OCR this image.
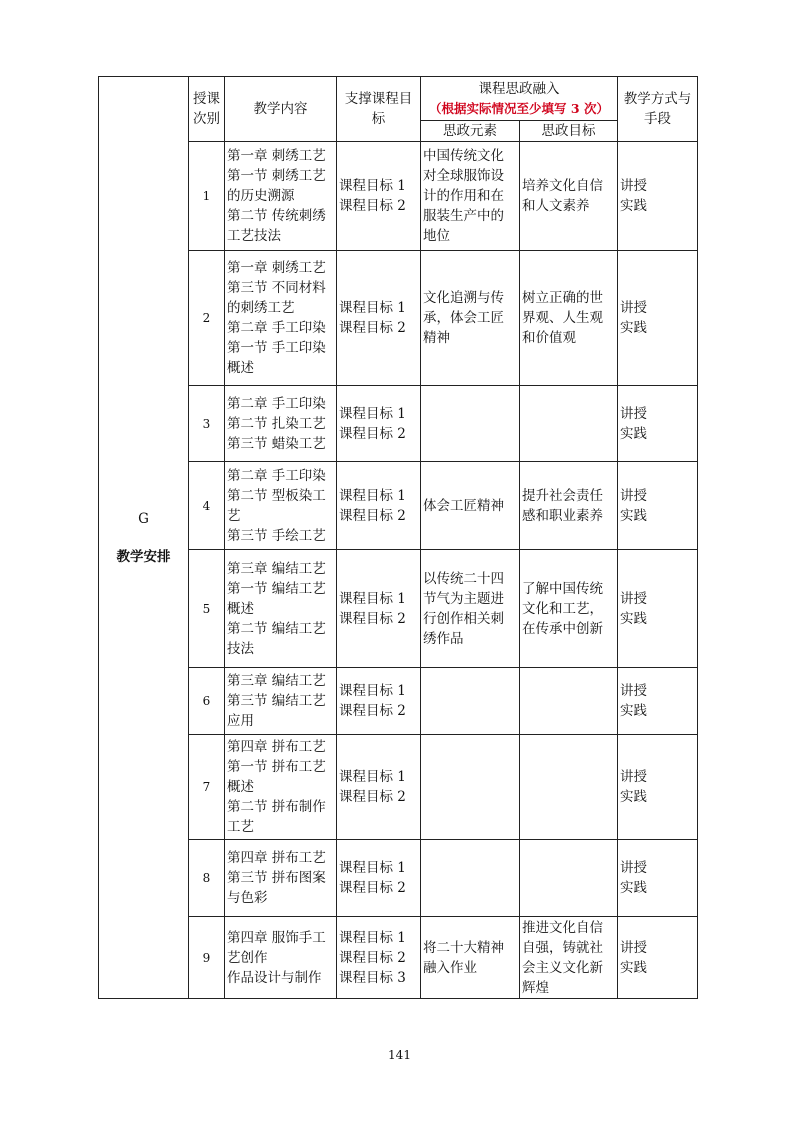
G
教学安排	授课次别	教学内容	支撑课程目标	课程思政融入
（根据实际情况至少填写 3 次）		教学方式与手段
				思政元素	思政目标	
	1	第一章 刺绣工艺
第一节 刺绣工艺的历史溯源
第二节 传统刺绣工艺技法	课程目标 1
课程目标 2	中国传统文化对全球服饰设计的作用和在服装生产中的地位	培养文化自信和人文素养	讲授
实践

	2	第一章 刺绣工艺
第三节 不同材料的刺绣工艺
第二章 手工印染
第一节 手工印染概述	课程目标 1
课程目标 2	文化追溯与传承，体会工匠精神	树立正确的世界观、人生观和价值观	讲授
实践

	3	第二章 手工印染
第二节 扎染工艺
第三节 蜡染工艺	课程目标 1
课程目标 2			讲授
实践

	4	第二章 手工印染
第二节 型板染工艺
第三节 手绘工艺	课程目标 1
课程目标 2	体会工匠精神	提升社会责任感和职业素养	讲授
实践

	5	第三章 编结工艺
第一节 编结工艺概述
第二节 编结工艺技法	课程目标 1
课程目标 2	以传统二十四节气为主题进行创作相关刺绣作品	了解中国传统文化和工艺，在传承中创新	讲授
实践

	6	第三章 编结工艺
第三节 编结工艺应用	课程目标 1
课程目标 2			讲授
实践

	7	第四章 拼布工艺
第一节 拼布工艺概述
第二节 拼布制作工艺	课程目标 1
课程目标 2			讲授
实践

	8	第四章 拼布工艺
第三节 拼布图案与色彩	课程目标 1
课程目标 2			讲授
实践

	9	第四章 服饰手工艺创作
作品设计与制作	课程目标 1
课程目标 2
课程目标 3	将二十大精神融入作业	推进文化自信自强，铸就社会主义文化新辉煌	讲授
实践
141
